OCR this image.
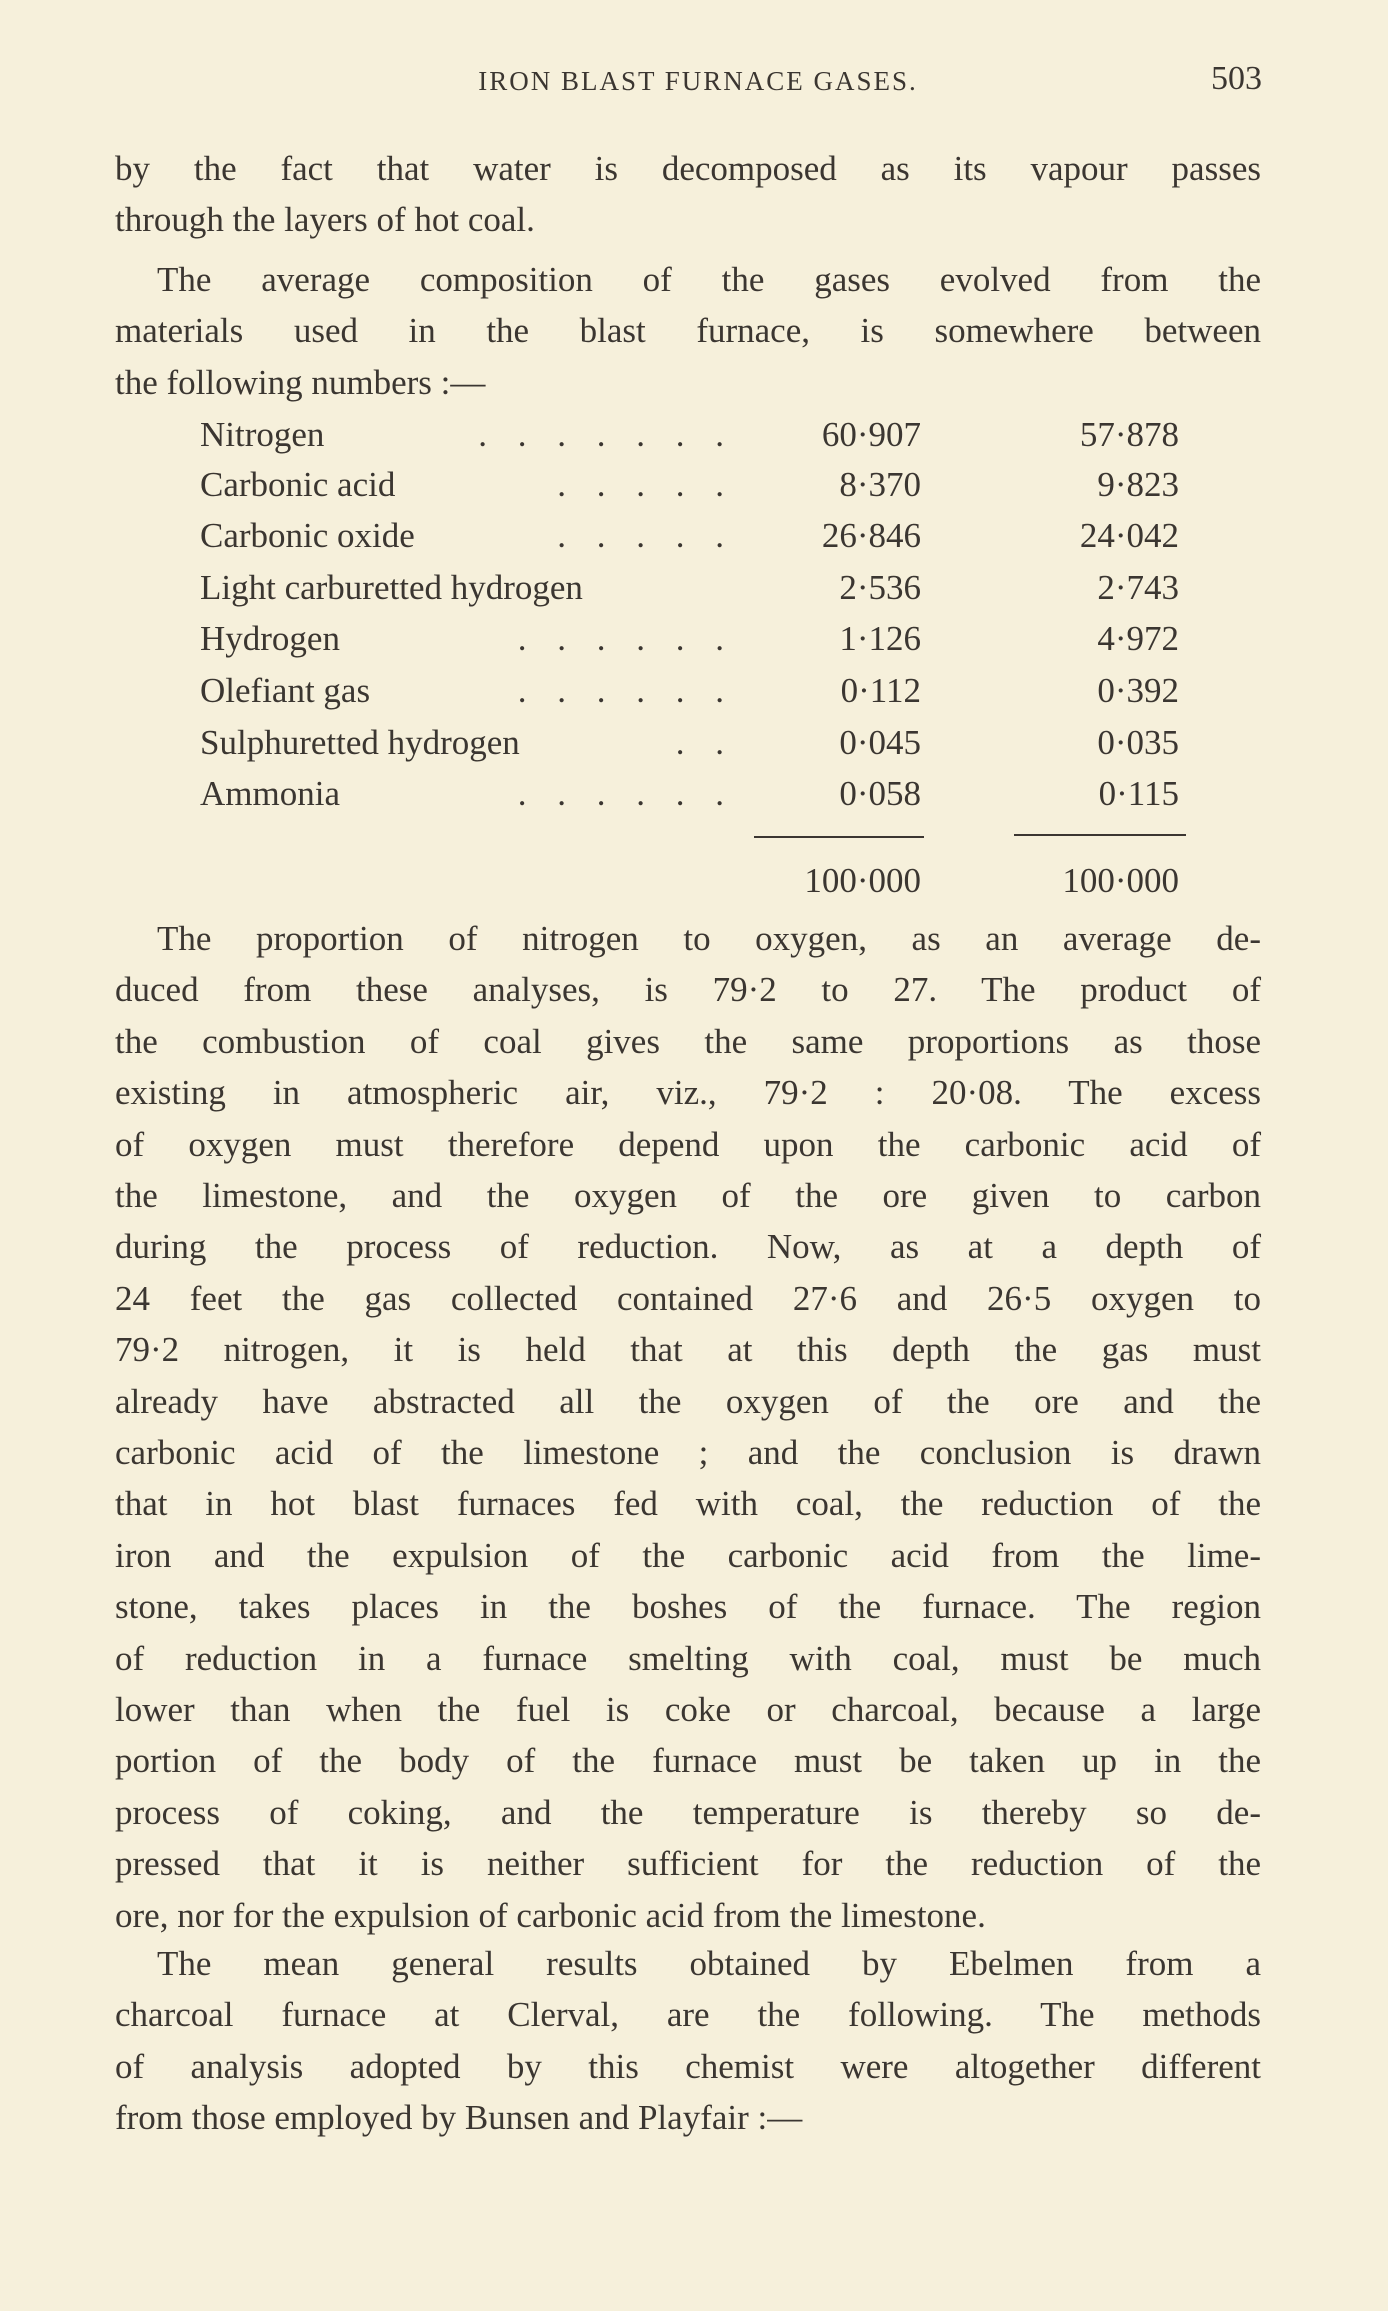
IRON BLAST FURNACE GASES.	503
by the fact that water is decomposed as its vapour passes
through the layers of hot coal.
The average composition of the gases evolved from the
materials used in the blast furnace, is somewhere between
the following numbers :—
The proportion of nitrogen to oxygen, as an average de-
duced from these analyses, is 79·2 to 27. The product of
the combustion of coal gives the same proportions as those
existing in atmospheric air, viz., 79·2 : 20·08. The excess
of oxygen must therefore depend upon the carbonic acid of
the limestone, and the oxygen of the ore given to carbon
during the process of reduction. Now, as at a depth of
24 feet the gas collected contained 27·6 and 26·5 oxygen to
79·2 nitrogen, it is held that at this depth the gas must
already have abstracted all the oxygen of the ore and the
carbonic acid of the limestone ; and the conclusion is drawn
that in hot blast furnaces fed with coal, the reduction of the
iron and the expulsion of the carbonic acid from the lime-
stone, takes places in the boshes of the furnace. The region
of reduction in a furnace smelting with coal, must be much
lower than when the fuel is coke or charcoal, because a large
portion of the body of the furnace must be taken up in the
process of coking, and the temperature is thereby so de-
pressed that it is neither sufficient for the reduction of the
ore, nor for the expulsion of carbonic acid from the limestone.
The mean general results obtained by Ebelmen from a
charcoal furnace at Clerval, are the following. The methods
of analysis adopted by this chemist were altogether different
from those employed by Bunsen and Playfair :—
Nitrogen	. . . . . . .	60·907	57·878
Carbonic acid	. . . . .	8·370	9·823
Carbonic oxide	. . . . .	26·846	24·042
Light carburetted hydrogen	2·536	2·743
Hydrogen	. . . . . .	1·126	4·972
Olefiant gas	. . . . . .	0·112	0·392
Sulphuretted hydrogen	. .	0·045	0·035
Ammonia	. . . . . .	0·058	0·115
100·000	100·000
